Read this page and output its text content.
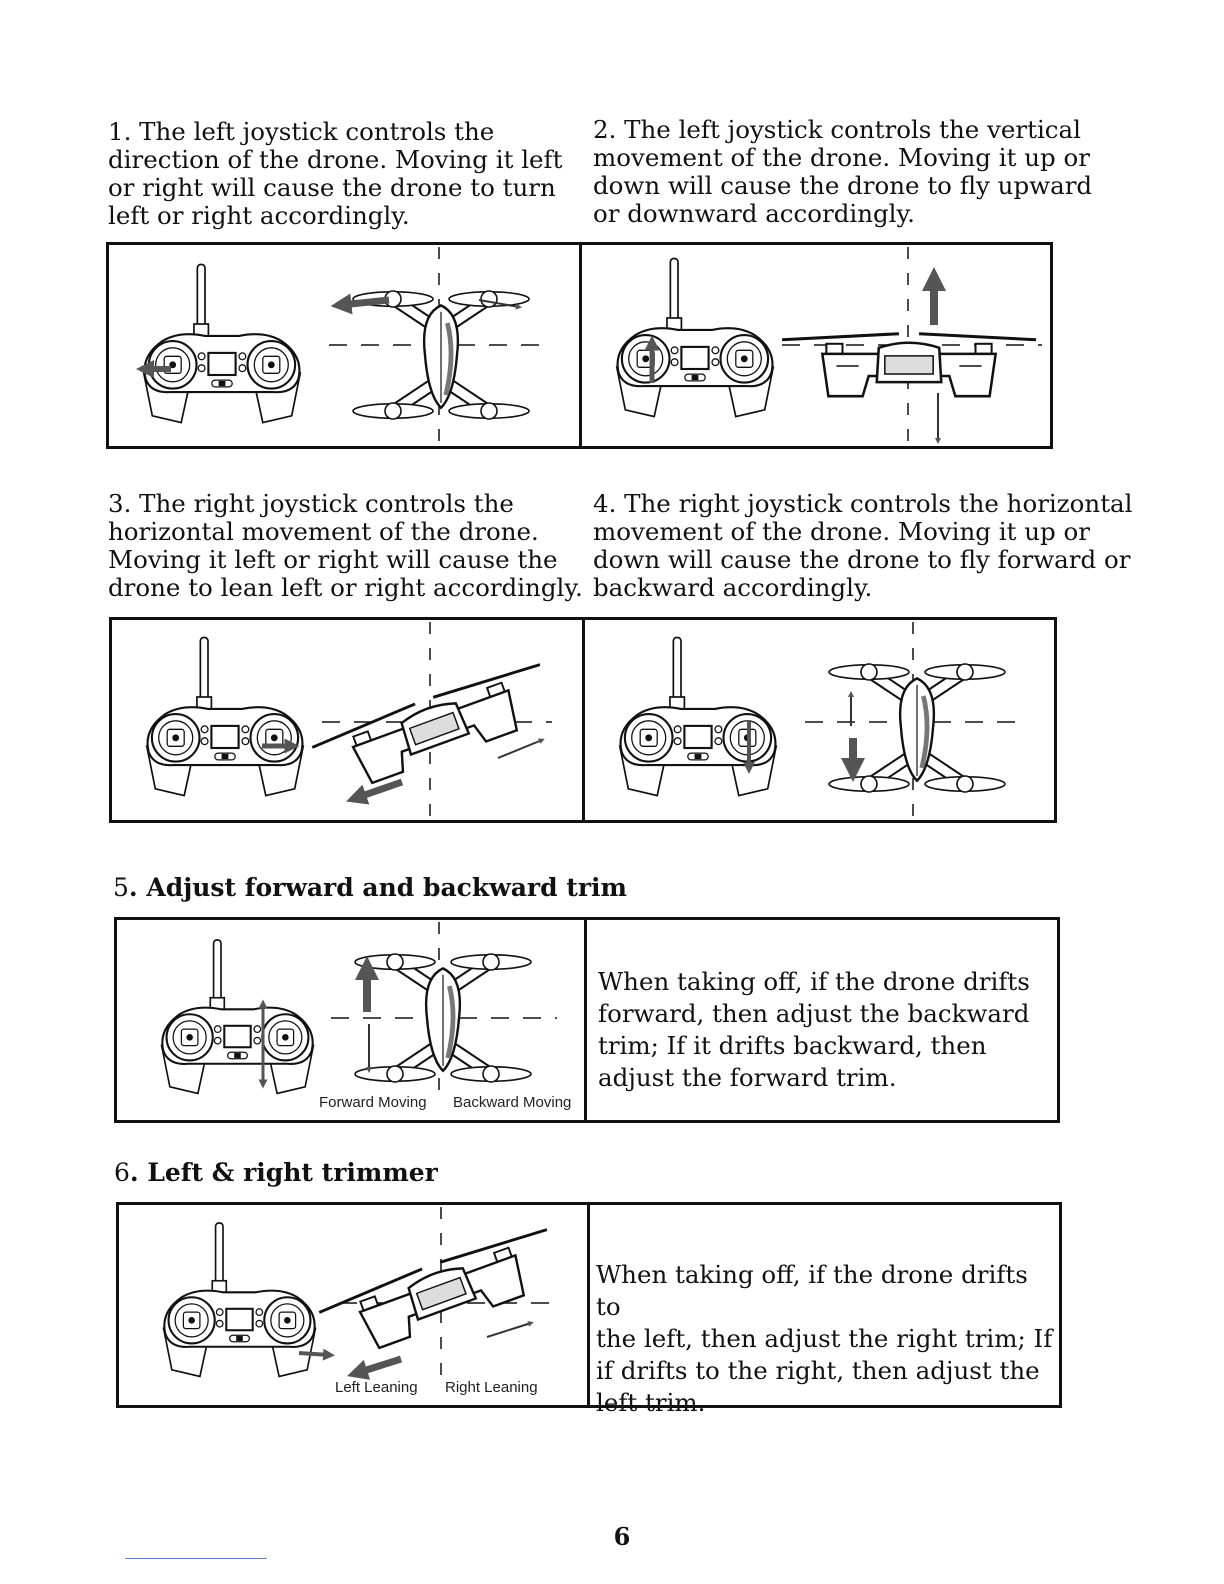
1. The left joystick controls the
direction of the drone. Moving it left
or right will cause the drone to turn
left or right accordingly.

2. The left joystick controls the vertical
movement of the drone. Moving it up or
down will cause the drone to fly upward
or downward accordingly.

3. The right joystick controls the
horizontal movement of the drone.
Moving it left or right will cause the
drone to lean left or right accordingly.

4. The right joystick controls the horizontal
movement of the drone. Moving it up or
down will cause the drone to fly forward or
backward accordingly.

5. Adjust forward and backward trim
Forward Moving Backward Moving
When taking off, if the drone drifts
forward, then adjust the backward
trim; If it drifts backward, then
adjust the forward trim.
6. Left & right trimmer
Left Leaning Right Leaning
When taking off, if the drone drifts to
the left, then adjust the right trim; If
if drifts to the right, then adjust the
left trim.
6
